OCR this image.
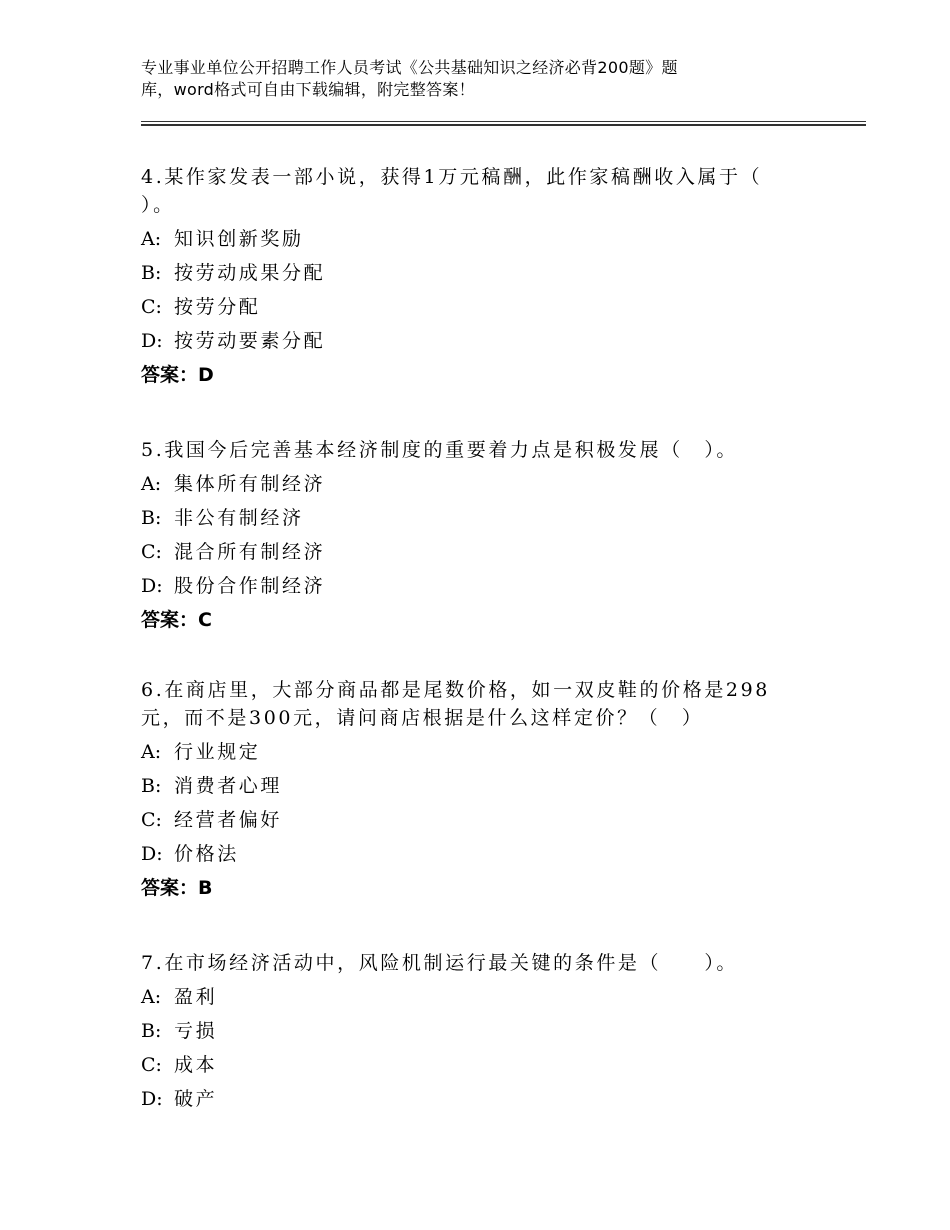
专业事业单位公开招聘工作人员考试《公共基础知识之经济必背200题》题
库，word格式可自由下载编辑，附完整答案！
4.某作家发表一部小说，获得1万元稿酬，此作家稿酬收入属于（
）。
A: 知识创新奖励
B: 按劳动成果分配
C: 按劳分配
D: 按劳动要素分配
答案：D
5.我国今后完善基本经济制度的重要着力点是积极发展（　）。
A: 集体所有制经济
B: 非公有制经济
C: 混合所有制经济
D: 股份合作制经济
答案：C
6.在商店里，大部分商品都是尾数价格，如一双皮鞋的价格是298
元，而不是300元，请问商店根据是什么这样定价？（　）
A: 行业规定
B: 消费者心理
C: 经营者偏好
D: 价格法
答案：B
7.在市场经济活动中，风险机制运行最关键的条件是（　　）。
A: 盈利
B: 亏损
C: 成本
D: 破产
